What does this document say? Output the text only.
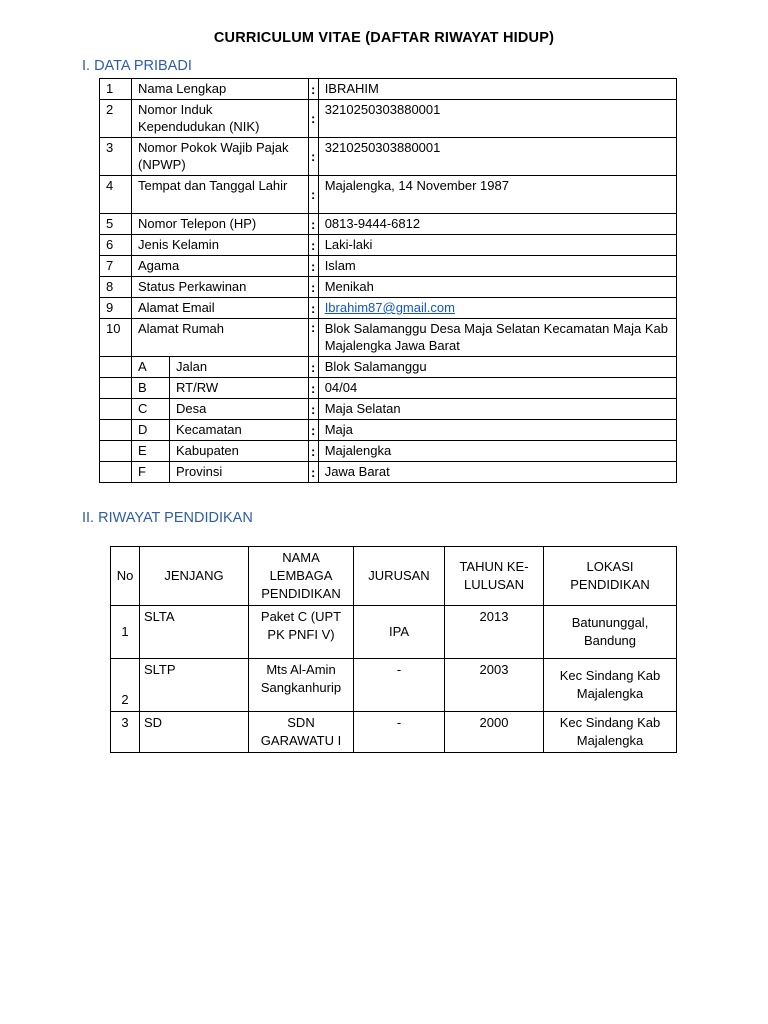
CURRICULUM VITAE (DAFTAR RIWAYAT HIDUP)
I. DATA PRIBADI
1	Nama Lengkap		:	IBRAHIM
2	Nomor Induk Kependudukan (NIK)		:	3210250303880001
3	Nomor Pokok Wajib Pajak (NPWP)		:	3210250303880001
4	Tempat dan Tanggal Lahir		:	Majalengka, 14 November 1987
5	Nomor Telepon (HP)		:	0813-9444-6812
6	Jenis Kelamin		:	Laki-laki
7	Agama		:	Islam
8	Status Perkawinan		:	Menikah
9	Alamat Email		:	Ibrahim87@gmail.com
10	Alamat Rumah		:	Blok Salamanggu Desa Maja Selatan Kecamatan Maja Kab Majalengka Jawa Barat
	A	Jalan	:	Blok Salamanggu
	B	RT/RW	:	04/04
	C	Desa	:	Maja Selatan
	D	Kecamatan	:	Maja
	E	Kabupaten	:	Majalengka
	F	Provinsi	:	Jawa Barat
II. RIWAYAT PENDIDIKAN
No	JENJANG	NAMA LEMBAGA PENDIDIKAN	JURUSAN	TAHUN KE-LULUSAN	LOKASI PENDIDIKAN
1	SLTA	Paket C (UPT PK PNFI V)	IPA	2013	Batununggal, Bandung
2	SLTP	Mts Al-Amin Sangkanhurip	-	2003	Kec Sindang Kab Majalengka
3	SD	SDN GARAWATU I	-	2000	Kec Sindang Kab Majalengka
